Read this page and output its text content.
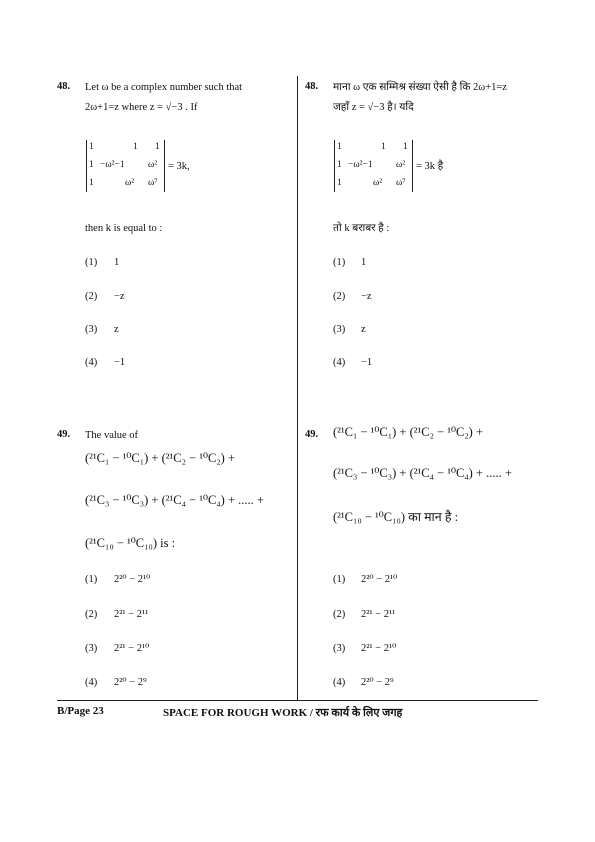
48. Let ω be a complex number such that
2ω+1=z where z = √−3 . If
1	1 1
1 −ω²−1 ω²
1	ω² ω⁷
= 3k,
then k is equal to :
(1) 1
(2) −z
(3) z
(4) −1
48. माना ω एक सम्मिश्र संख्या ऐसी है कि 2ω+1=z
जहाँ z = √−3 है। यदि
1	1 1
1 −ω²−1 ω²
1	ω² ω⁷
= 3k है
तो k बराबर है :
(1) 1
(2) −z
(3) z
(4) −1
49. The value of
(²¹C₁ − ¹⁰C₁) + (²¹C₂ − ¹⁰C₂) +
(²¹C₃ − ¹⁰C₃) + (²¹C₄ − ¹⁰C₄) + ..... +
(²¹C₁₀ − ¹⁰C₁₀) is :
(1) 2²⁰ − 2¹⁰
(2) 2²¹ − 2¹¹
(3) 2²¹ − 2¹⁰
(4) 2²⁰ − 2⁹
49. (²¹C₁ − ¹⁰C₁) + (²¹C₂ − ¹⁰C₂) +
(²¹C₃ − ¹⁰C₃) + (²¹C₄ − ¹⁰C₄) + ..... +
(²¹C₁₀ − ¹⁰C₁₀) का मान है :
(1) 2²⁰ − 2¹⁰
(2) 2²¹ − 2¹¹
(3) 2²¹ − 2¹⁰
(4) 2²⁰ − 2⁹
B/Page 23	SPACE FOR ROUGH WORK / रफ कार्य के लिए जगह
